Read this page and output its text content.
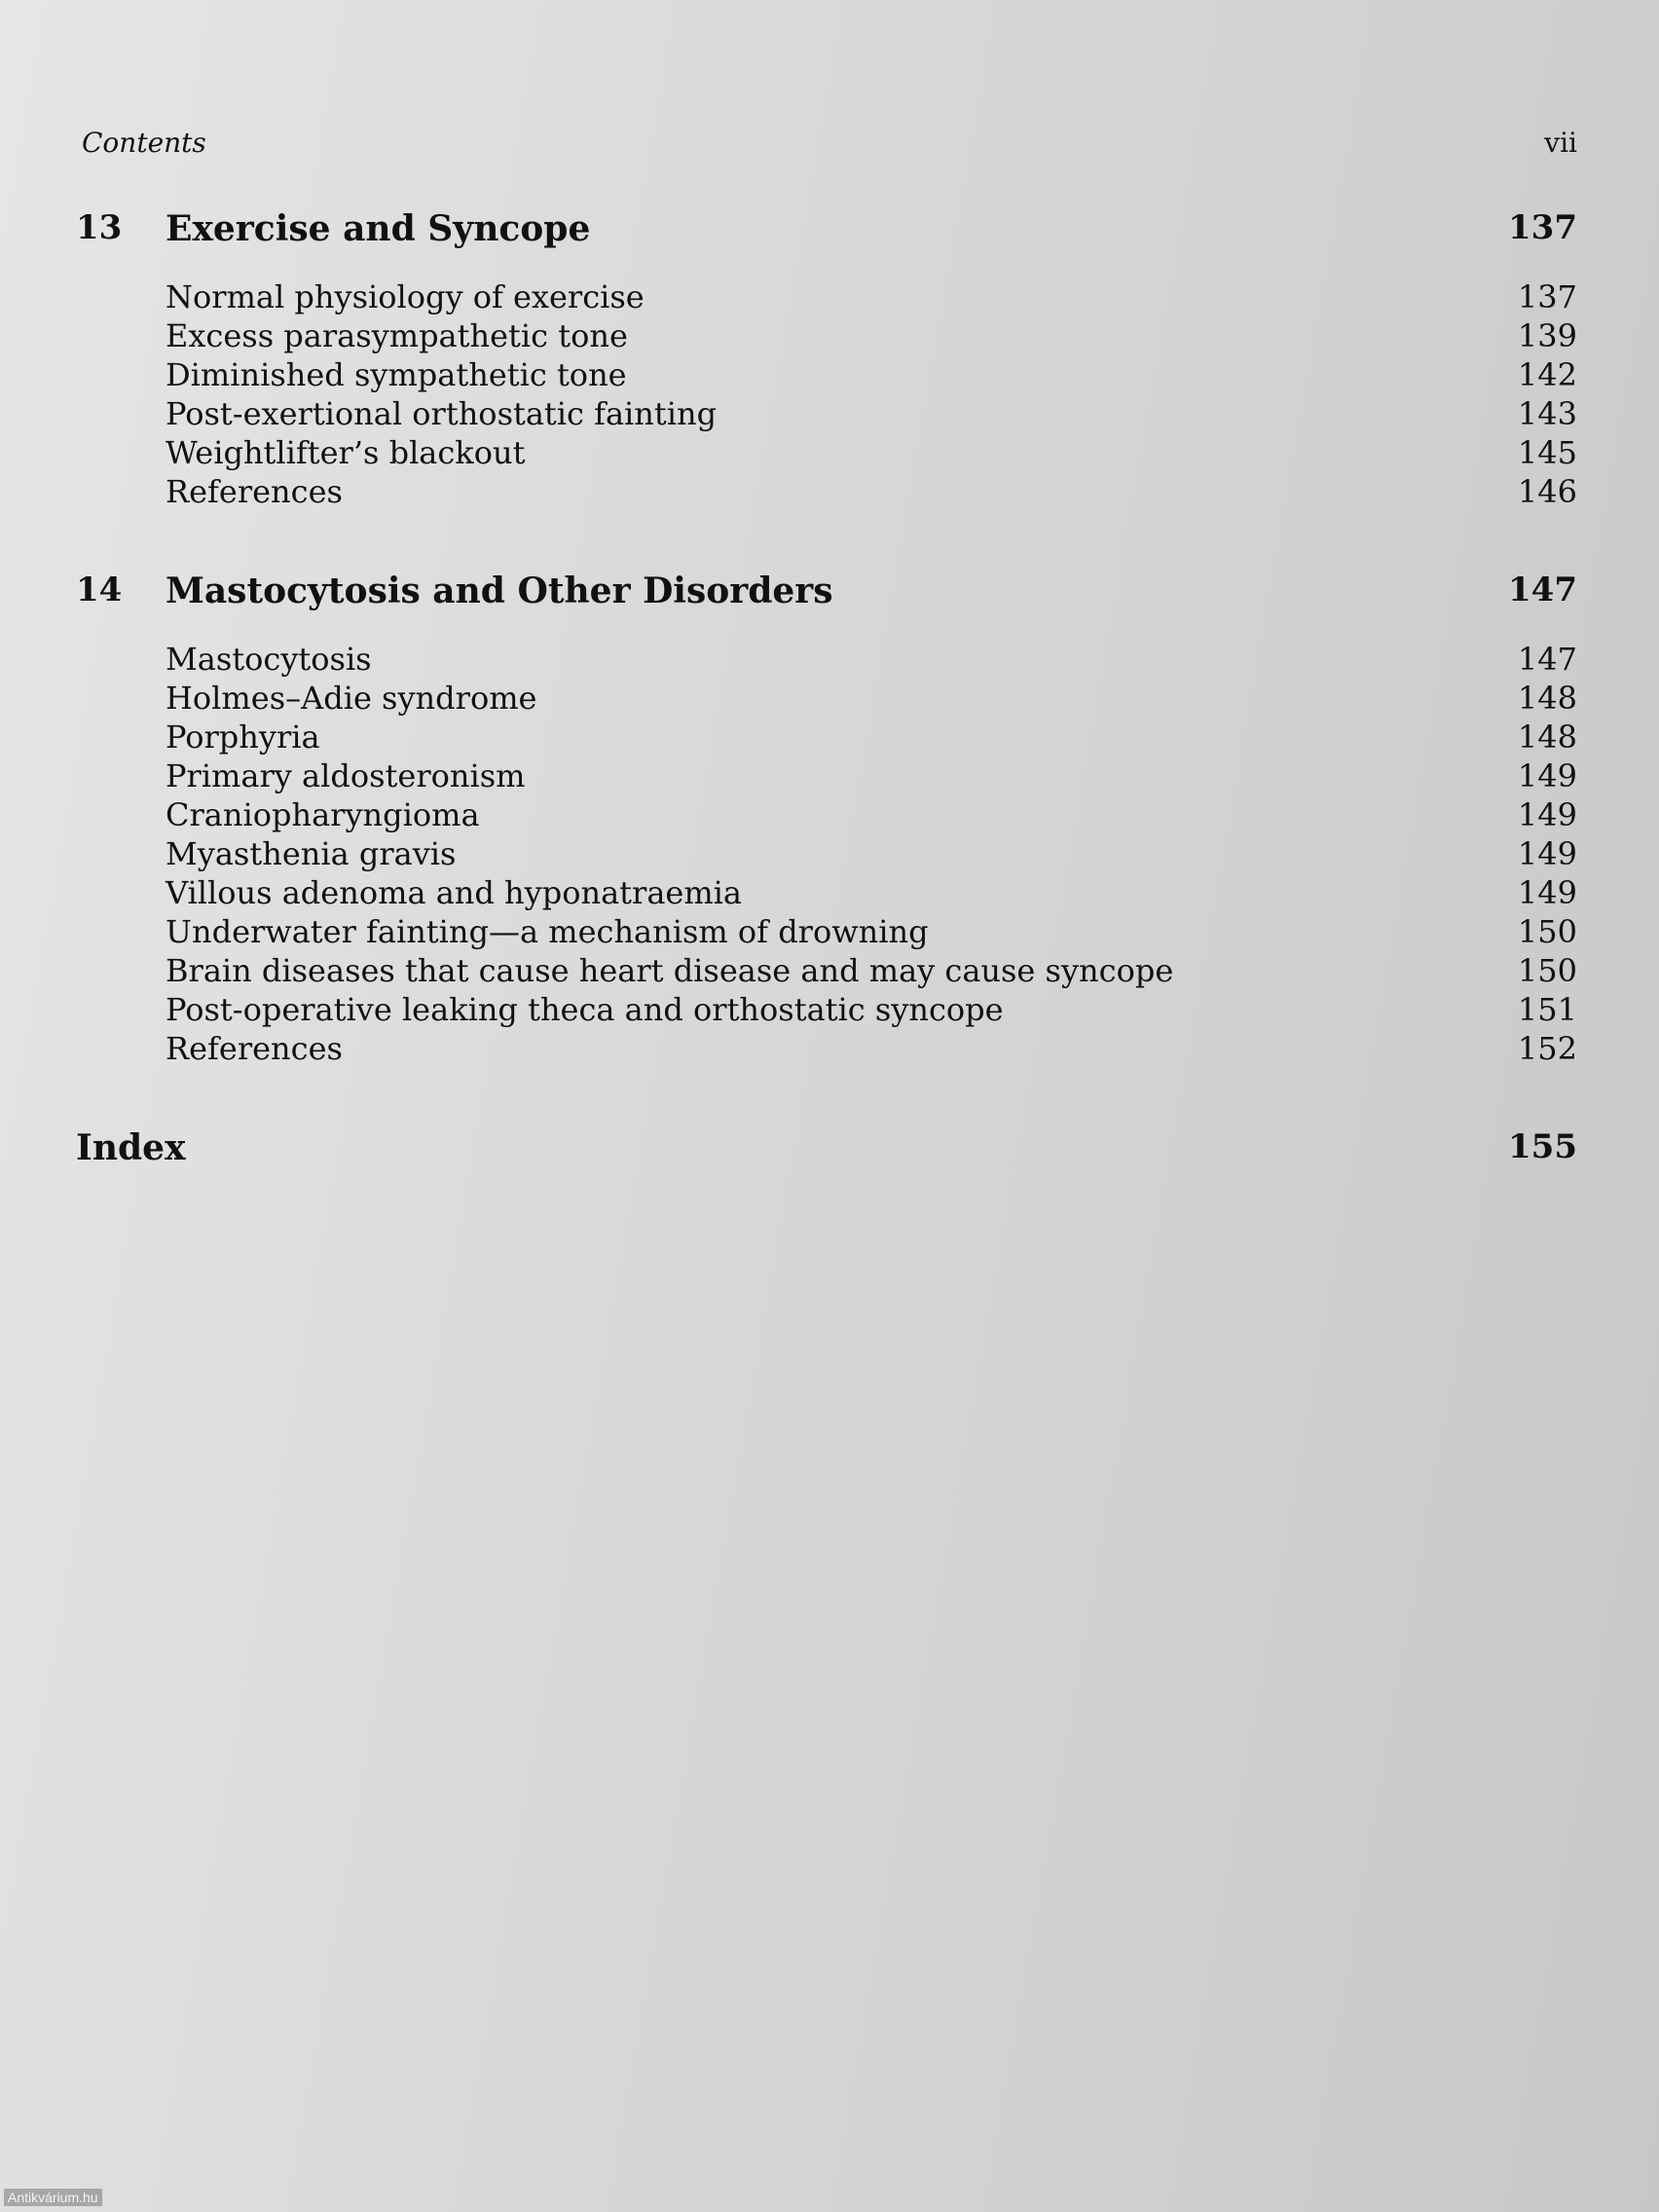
Contents	vii
13 Exercise and Syncope	137
Normal physiology of exercise	137
Excess parasympathetic tone	139
Diminished sympathetic tone	142
Post-exertional orthostatic fainting	143
Weightlifter’s blackout	145
References	146
14 Mastocytosis and Other Disorders	147
Mastocytosis	147
Holmes–Adie syndrome	148
Porphyria	148
Primary aldosteronism	149
Craniopharyngioma	149
Myasthenia gravis	149
Villous adenoma and hyponatraemia	149
Underwater fainting—a mechanism of drowning	150
Brain diseases that cause heart disease and may cause syncope	150
Post-operative leaking theca and orthostatic syncope	151
References	152
Index	155
Antikvárium.hu
